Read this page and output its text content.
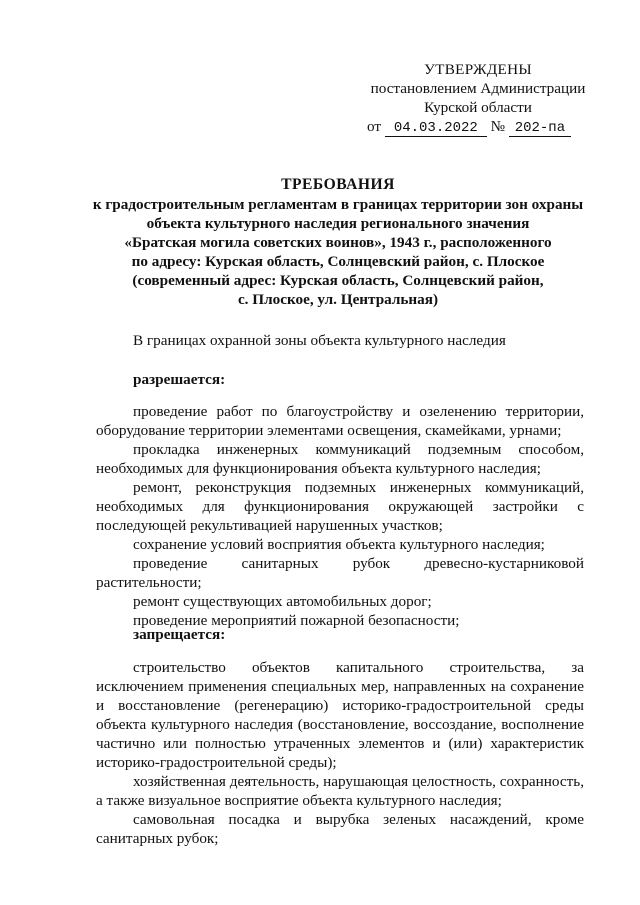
УТВЕРЖДЕНЫ
постановлением Администрации
Курской области
от 04.03.2022 № 202-па
ТРЕБОВАНИЯ
к градостроительным регламентам в границах территории зон охраны
объекта культурного наследия регионального значения
«Братская могила советских воинов», 1943 г., расположенного
по адресу: Курская область, Солнцевский район, с. Плоское
(современный адрес: Курская область, Солнцевский район,
с. Плоское, ул. Центральная)

В границах охранной зоны объекта культурного наследия

разрешается:

проведение работ по благоустройству и озеленению территории, оборудование территории элементами освещения, скамейками, урнами;

прокладка инженерных коммуникаций подземным способом, необходимых для функционирования объекта культурного наследия;

ремонт, реконструкция подземных инженерных коммуникаций, необходимых для функционирования окружающей застройки с последующей рекультивацией нарушенных участков;

сохранение условий восприятия объекта культурного наследия;

проведение санитарных рубок древесно-кустарниковой растительности;

ремонт существующих автомобильных дорог;

проведение мероприятий пожарной безопасности;

запрещается:

строительство объектов капитального строительства, за исключением применения специальных мер, направленных на сохранение и восстановление (регенерацию) историко-градостроительной среды объекта культурного наследия (восстановление, воссоздание, восполнение частично или полностью утраченных элементов и (или) характеристик историко-градостроительной среды);

хозяйственная деятельность, нарушающая целостность, сохранность, а также визуальное восприятие объекта культурного наследия;

самовольная посадка и вырубка зеленых насаждений, кроме санитарных рубок;
